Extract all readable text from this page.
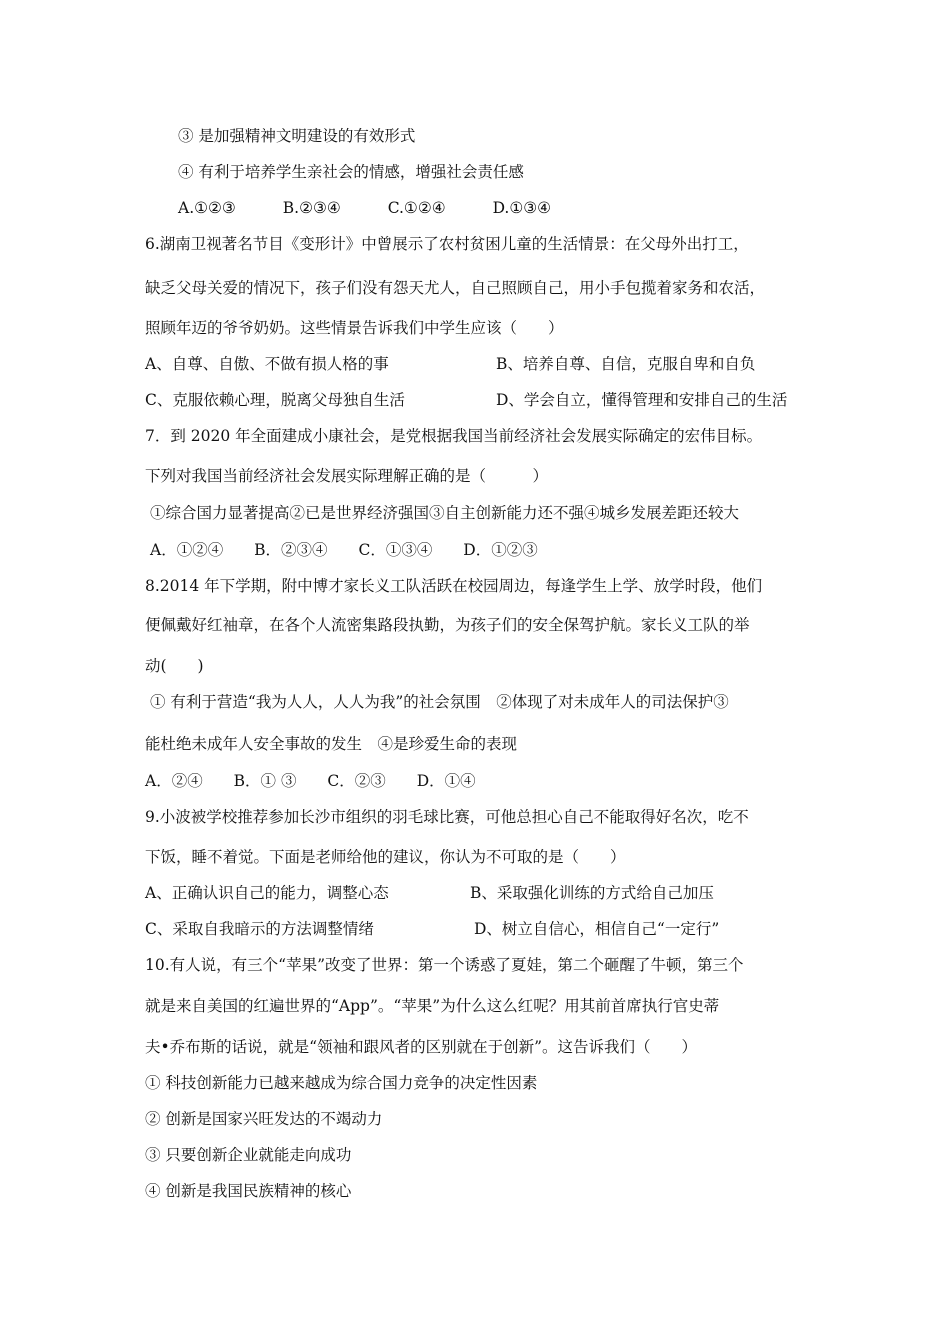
③ 是加强精神文明建设的有效形式
④ 有利于培养学生亲社会的情感，增强社会责任感
A.①②③	B.②③④	C.①②④	D.①③④
6.湖南卫视著名节目《变形计》中曾展示了农村贫困儿童的生活情景：在父母外出打工，
缺乏父母关爱的情况下，孩子们没有怨天尤人，自己照顾自己，用小手包揽着家务和农活，
照顾年迈的爷爷奶奶。这些情景告诉我们中学生应该（　　）
A、自尊、自傲、不做有损人格的事	B、培养自尊、自信，克服自卑和自负
C、克服依赖心理，脱离父母独自生活	D、学会自立，懂得管理和安排自己的生活
7．到 2020 年全面建成小康社会，是党根据我国当前经济社会发展实际确定的宏伟目标。
下列对我国当前经济社会发展实际理解正确的是（　　　）
①综合国力显著提高②已是世界经济强国③自主创新能力还不强④城乡发展差距还较大
A．①②④ B．②③④ C．①③④ D．①②③
8.2014 年下学期，附中博才家长义工队活跃在校园周边，每逢学生上学、放学时段，他们
便佩戴好红袖章，在各个人流密集路段执勤，为孩子们的安全保驾护航。家长义工队的举
动(　　)
① 有利于营造“我为人人，人人为我”的社会氛围　②体现了对未成年人的司法保护③
能杜绝未成年人安全事故的发生　④是珍爱生命的表现
A．②④ B．① ③ C．②③ D．①④
9.小波被学校推荐参加长沙市组织的羽毛球比赛，可他总担心自己不能取得好名次，吃不
下饭，睡不着觉。下面是老师给他的建议，你认为不可取的是（　　）
A、正确认识自己的能力，调整心态	B、采取强化训练的方式给自己加压
C、采取自我暗示的方法调整情绪	D、树立自信心，相信自己“一定行”
10.有人说，有三个“苹果”改变了世界：第一个诱惑了夏娃，第二个砸醒了牛顿，第三个
就是来自美国的红遍世界的“App”。“苹果”为什么这么红呢？用其前首席执行官史蒂
夫•乔布斯的话说，就是“领袖和跟风者的区别就在于创新”。这告诉我们（　　）
① 科技创新能力已越来越成为综合国力竞争的决定性因素
② 创新是国家兴旺发达的不竭动力
③ 只要创新企业就能走向成功
④ 创新是我国民族精神的核心
